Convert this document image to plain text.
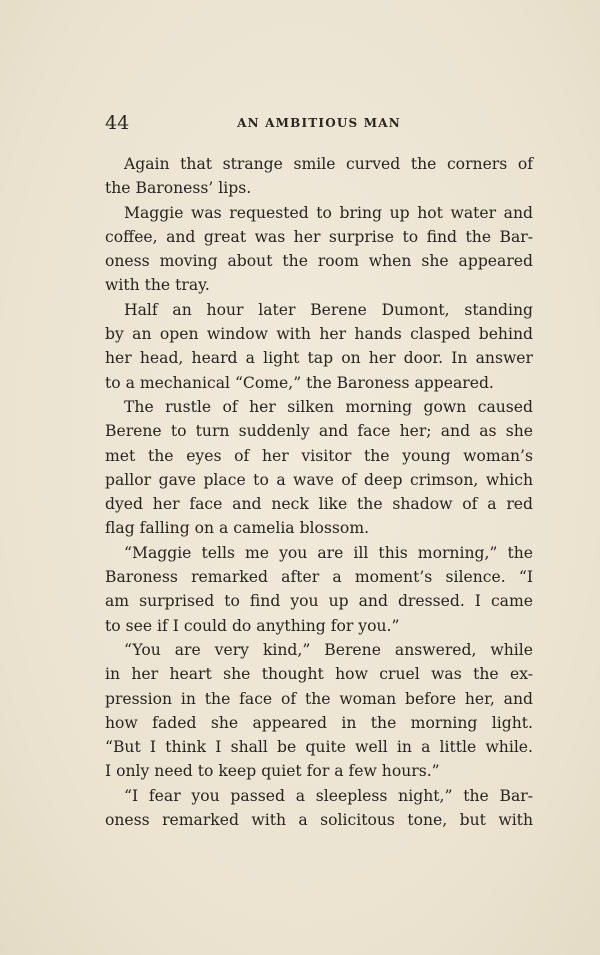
44	AN AMBITIOUS MAN
Again that strange smile curved the corners of
the Baroness’ lips.
Maggie was requested to bring up hot water and
coffee, and great was her surprise to find the Bar-
oness moving about the room when she appeared
with the tray.
Half an hour later Berene Dumont, standing
by an open window with her hands clasped behind
her head, heard a light tap on her door. In answer
to a mechanical “Come,” the Baroness appeared.
The rustle of her silken morning gown caused
Berene to turn suddenly and face her; and as she
met the eyes of her visitor the young woman’s
pallor gave place to a wave of deep crimson, which
dyed her face and neck like the shadow of a red
flag falling on a camelia blossom.
“Maggie tells me you are ill this morning,” the
Baroness remarked after a moment’s silence. “I
am surprised to find you up and dressed. I came
to see if I could do anything for you.”
“You are very kind,” Berene answered, while
in her heart she thought how cruel was the ex-
pression in the face of the woman before her, and
how faded she appeared in the morning light.
“But I think I shall be quite well in a little while.
I only need to keep quiet for a few hours.”
“I fear you passed a sleepless night,” the Bar-
oness remarked with a solicitous tone, but with
